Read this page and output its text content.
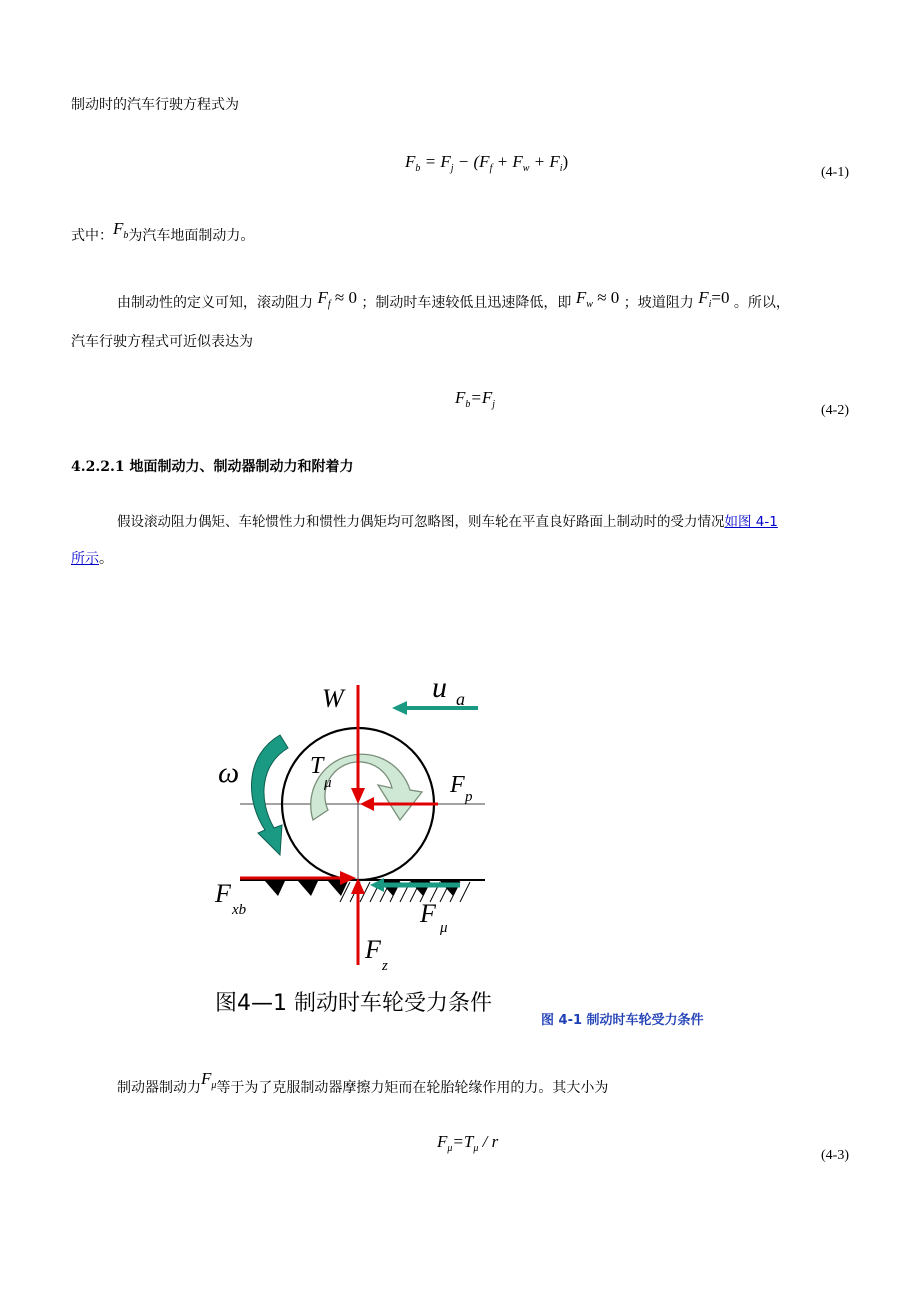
制动时的汽车行驶方程式为
$F_b = F_j - (F_f + F_w + F_i)$
(4-1)
式中：$F_b$为汽车地面制动力。
由制动性的定义可知，滚动阻力 $F_f \approx 0$ ；制动时车速较低且迅速降低，即 $F_w \approx 0$ ；坡道阻力 $F_i=0$ 。所以，
汽车行驶方程式可近似表达为
$F_b=F_j$	(4-2)
4.2.2.1 地面制动力、制动器制动力和附着力
假设滚动阻力偶矩、车轮惯性力和惯性力偶矩均可忽略图，则车轮在平直良好路面上制动时的受力情况如图 4-1
所示。
W	u a
ω	T
μ	F p
F
xb	F μ
F
z
图4—1 制动时车轮受力条件
图 4-1 制动时车轮受力条件
制动器制动力$F_\mu$等于为了克服制动器摩擦力矩而在轮胎轮缘作用的力。其大小为
$F_\mu=T_\mu / r$
(4-3)
